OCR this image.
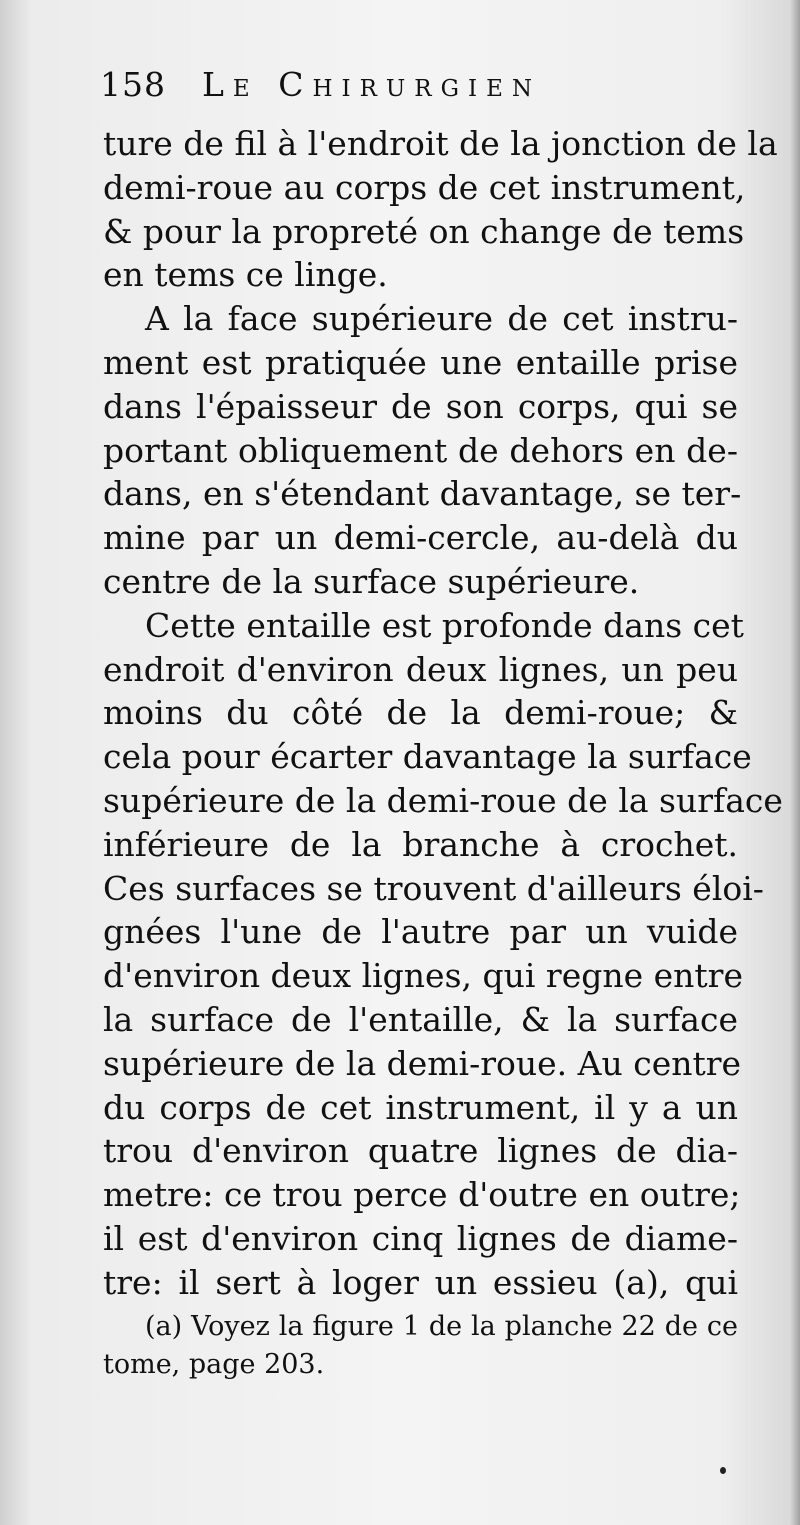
158 Le Chirurgien
ture de fil à l'endroit de la jonction de la
demi-roue au corps de cet instrument,
& pour la propreté on change de tems
en tems ce linge.
A la face supérieure de cet instru-
ment est pratiquée une entaille prise
dans l'épaisseur de son corps, qui se
portant obliquement de dehors en de-
dans, en s'étendant davantage, se ter-
mine par un demi-cercle, au-delà du
centre de la surface supérieure.
Cette entaille est profonde dans cet
endroit d'environ deux lignes, un peu
moins du côté de la demi-roue; &
cela pour écarter davantage la surface
supérieure de la demi-roue de la surface
inférieure de la branche à crochet.
Ces surfaces se trouvent d'ailleurs éloi-
gnées l'une de l'autre par un vuide
d'environ deux lignes, qui regne entre
la surface de l'entaille, & la surface
supérieure de la demi-roue. Au centre
du corps de cet instrument, il y a un
trou d'environ quatre lignes de dia-
metre: ce trou perce d'outre en outre;
il est d'environ cinq lignes de diame-
tre: il sert à loger un essieu (a), qui
(a) Voyez la figure 1 de la planche 22 de ce
tome, page 203.
